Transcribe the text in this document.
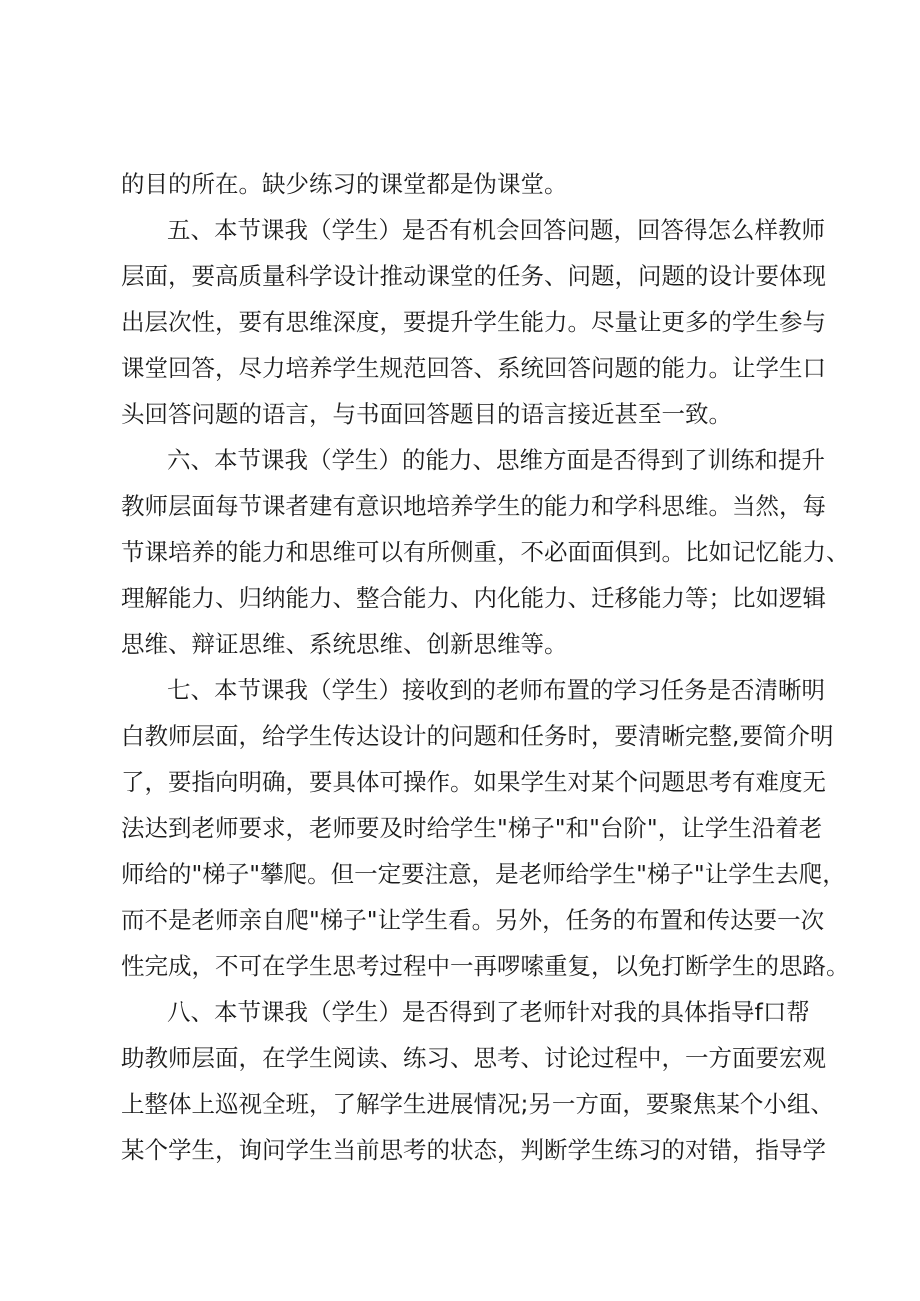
的目的所在。缺少练习的课堂都是伪课堂。
五、本节课我（学生）是否有机会回答问题，回答得怎么样教师
层面，要高质量科学设计推动课堂的任务、问题，问题的设计要体现
出层次性，要有思维深度，要提升学生能力。尽量让更多的学生参与
课堂回答，尽力培养学生规范回答、系统回答问题的能力。让学生口
头回答问题的语言，与书面回答题目的语言接近甚至一致。
六、本节课我（学生）的能力、思维方面是否得到了训练和提升
教师层面每节课者建有意识地培养学生的能力和学科思维。当然，每
节课培养的能力和思维可以有所侧重，不必面面俱到。比如记忆能力、
理解能力、归纳能力、整合能力、内化能力、迁移能力等；比如逻辑
思维、辩证思维、系统思维、创新思维等。
七、本节课我（学生）接收到的老师布置的学习任务是否清晰明
白教师层面，给学生传达设计的问题和任务时，要清晰完整,要简介明
了，要指向明确，要具体可操作。如果学生对某个问题思考有难度无
法达到老师要求，老师要及时给学生"梯子"和"台阶"，让学生沿着老
师给的"梯子"攀爬。但一定要注意，是老师给学生"梯子"让学生去爬，
而不是老师亲自爬"梯子"让学生看。另外，任务的布置和传达要一次
性完成，不可在学生思考过程中一再啰嗦重复，以免打断学生的思路。
八、本节课我（学生）是否得到了老师针对我的具体指导f口帮
助教师层面，在学生阅读、练习、思考、讨论过程中，一方面要宏观
上整体上巡视全班，了解学生进展情况;另一方面，要聚焦某个小组、
某个学生，询问学生当前思考的状态，判断学生练习的对错，指导学
